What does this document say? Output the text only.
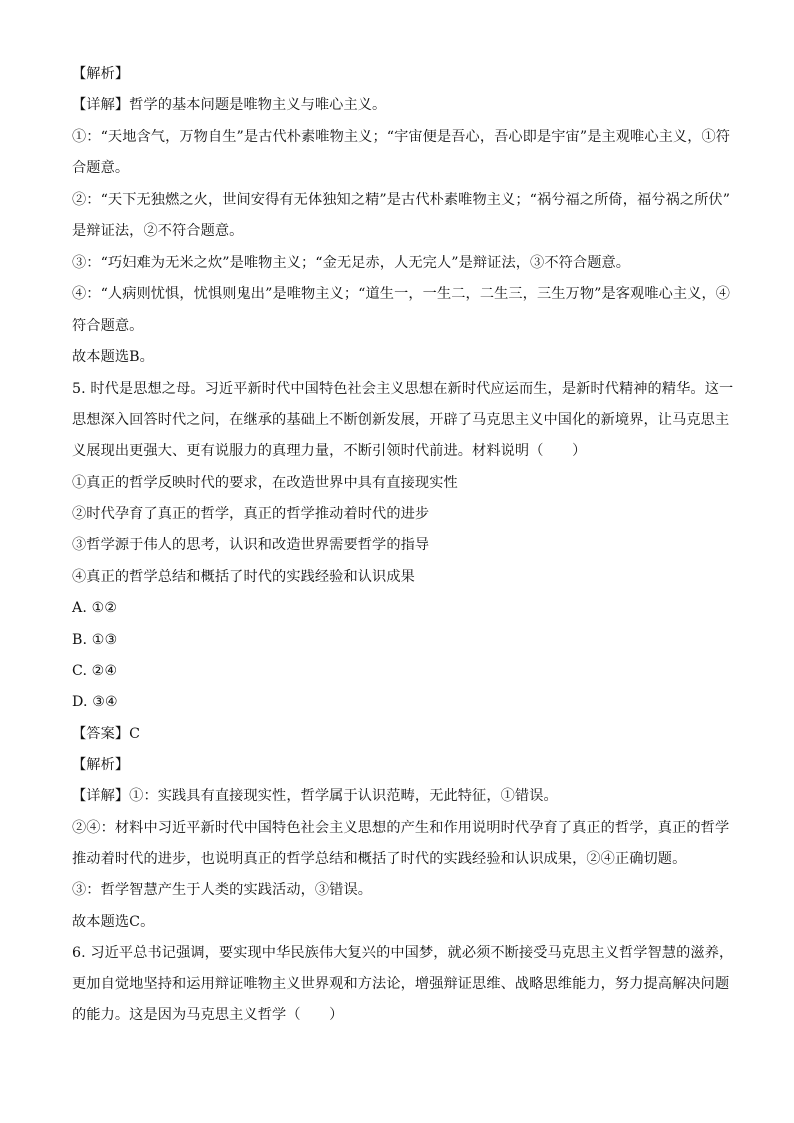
【解析】
【详解】哲学的基本问题是唯物主义与唯心主义。
①：“天地含气，万物自生”是古代朴素唯物主义；“宇宙便是吾心，吾心即是宇宙”是主观唯心主义，①符
合题意。
②：“天下无独燃之火，世间安得有无体独知之精”是古代朴素唯物主义；“祸兮福之所倚，福兮祸之所伏”
是辩证法，②不符合题意。
③：“巧妇难为无米之炊”是唯物主义；“金无足赤，人无完人”是辩证法，③不符合题意。
④：“人病则忧惧，忧惧则鬼出”是唯物主义；“道生一，一生二，二生三，三生万物”是客观唯心主义，④
符合题意。
故本题选B。
5. 时代是思想之母。习近平新时代中国特色社会主义思想在新时代应运而生，是新时代精神的精华。这一
思想深入回答时代之问，在继承的基础上不断创新发展，开辟了马克思主义中国化的新境界，让马克思主
义展现出更强大、更有说服力的真理力量，不断引领时代前进。材料说明（　　）
①真正的哲学反映时代的要求，在改造世界中具有直接现实性
②时代孕育了真正的哲学，真正的哲学推动着时代的进步
③哲学源于伟人的思考，认识和改造世界需要哲学的指导
④真正的哲学总结和概括了时代的实践经验和认识成果
A. ①②
B. ①③
C. ②④
D. ③④
【答案】C
【解析】
【详解】①：实践具有直接现实性，哲学属于认识范畴，无此特征，①错误。
②④：材料中习近平新时代中国特色社会主义思想的产生和作用说明时代孕育了真正的哲学，真正的哲学
推动着时代的进步，也说明真正的哲学总结和概括了时代的实践经验和认识成果，②④正确切题。
③：哲学智慧产生于人类的实践活动，③错误。
故本题选C。
6. 习近平总书记强调，要实现中华民族伟大复兴的中国梦，就必须不断接受马克思主义哲学智慧的滋养，
更加自觉地坚持和运用辩证唯物主义世界观和方法论，增强辩证思维、战略思维能力，努力提高解决问题
的能力。这是因为马克思主义哲学（　　）
